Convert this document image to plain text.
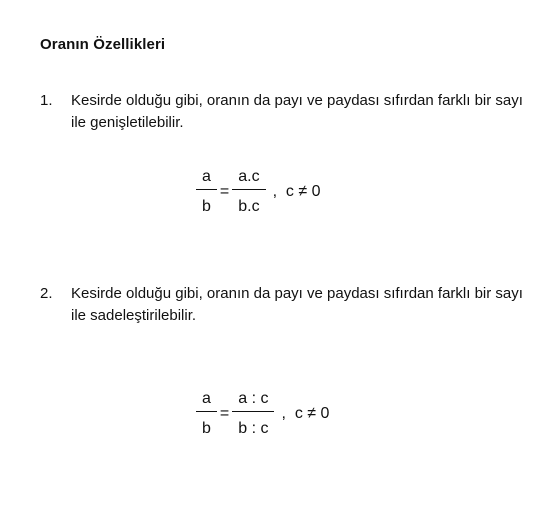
Oranın Özellikleri
1. Kesirde olduğu gibi, oranın da payı ve paydası sıfırdan farklı bir sayı ile genişletilebilir.
$\frac{a}{b} = \frac{a.c}{b.c}$ ,  c ≠ 0
2. Kesirde olduğu gibi, oranın da payı ve paydası sıfırdan farklı bir sayı ile sadeleştirilebilir.
$\frac{a}{b} = \frac{a : c}{b : c}$ ,  c ≠ 0
